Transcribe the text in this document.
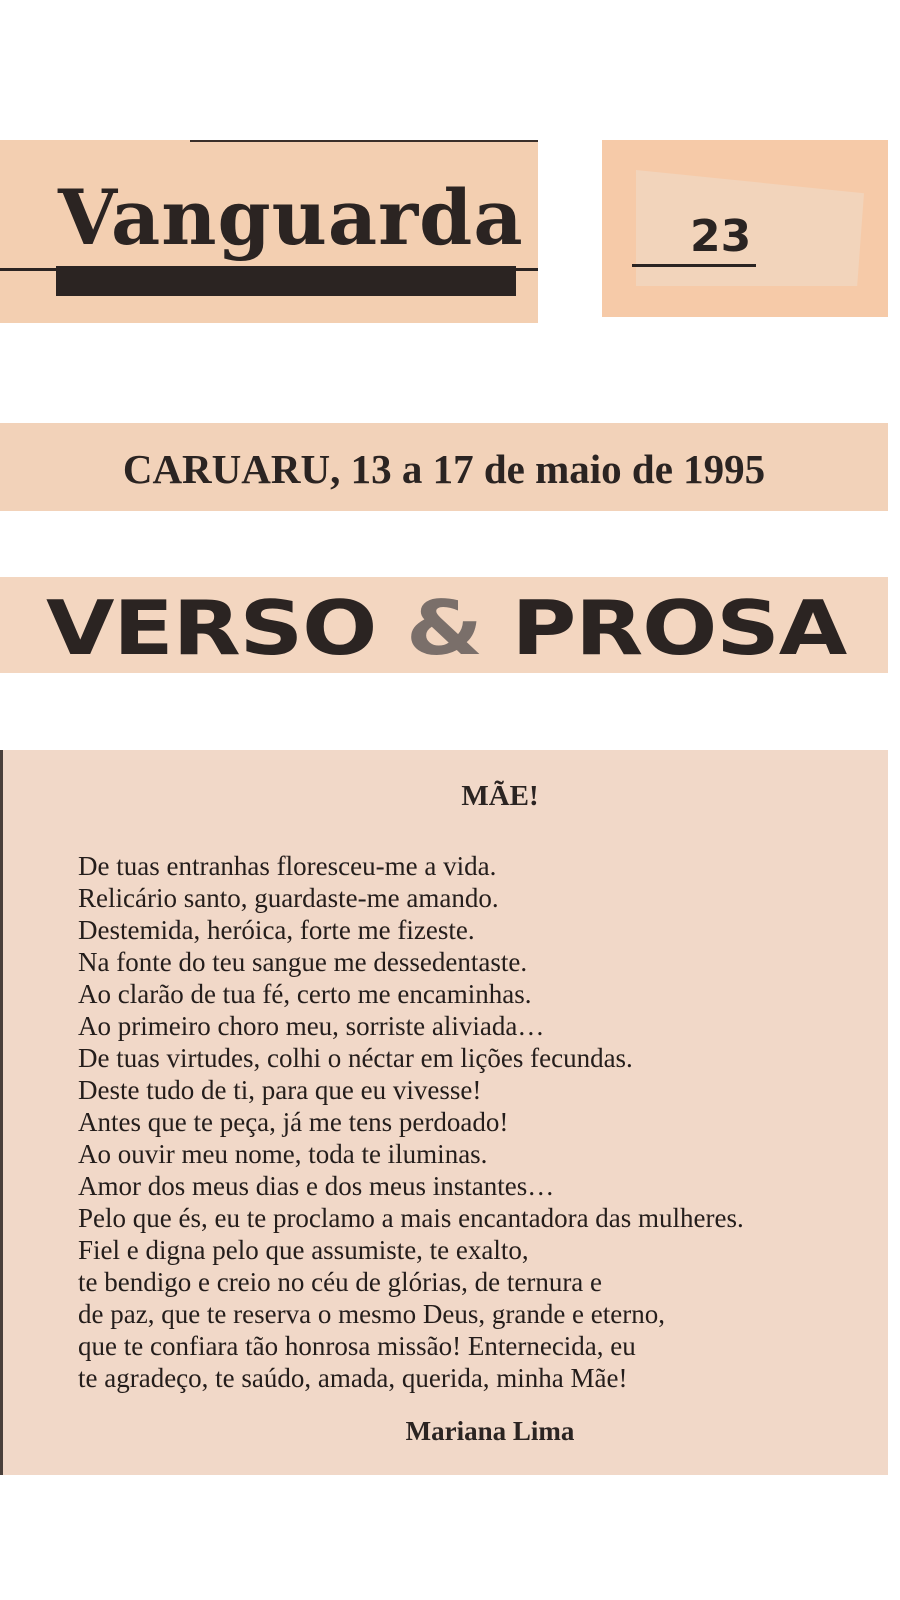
Vanguarda	23
CARUARU, 13 a 17 de maio de 1995
VERSO & PROSA
MÃE!
De tuas entranhas floresceu-me a vida.
Relicário santo, guardaste-me amando.
Destemida, heróica, forte me fizeste.
Na fonte do teu sangue me dessedentaste.
Ao clarão de tua fé, certo me encaminhas.
Ao primeiro choro meu, sorriste aliviada…
De tuas virtudes, colhi o néctar em lições fecundas.
Deste tudo de ti, para que eu vivesse!
Antes que te peça, já me tens perdoado!
Ao ouvir meu nome, toda te iluminas.
Amor dos meus dias e dos meus instantes…
Pelo que és, eu te proclamo a mais encantadora das mulheres.
Fiel e digna pelo que assumiste, te exalto,
te bendigo e creio no céu de glórias, de ternura e
de paz, que te reserva o mesmo Deus, grande e eterno,
que te confiara tão honrosa missão! Enternecida, eu
te agradeço, te saúdo, amada, querida, minha Mãe!
Mariana Lima
